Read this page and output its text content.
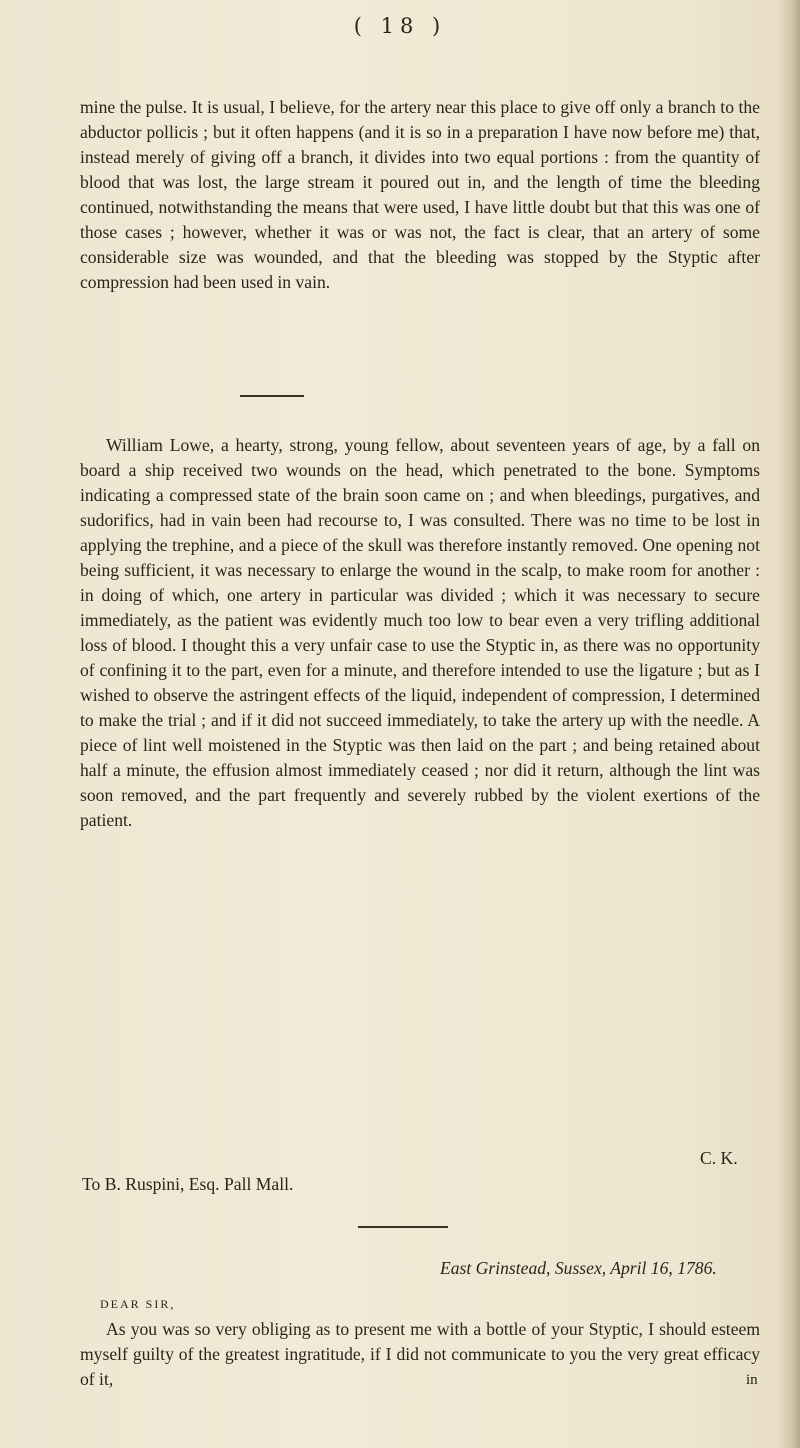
( 18 )

mine the pulse. It is usual, I believe, for the artery near this place to give off only a branch to the abductor pollicis ; but it often happens (and it is so in a preparation I have now before me) that, instead merely of giving off a branch, it divides into two equal portions : from the quantity of blood that was lost, the large stream it poured out in, and the length of time the bleeding continued, notwithstanding the means that were used, I have little doubt but that this was one of those cases ; however, whether it was or was not, the fact is clear, that an artery of some considerable size was wounded, and that the bleeding was stopped by the Styptic after compression had been used in vain.

William Lowe, a hearty, strong, young fellow, about seventeen years of age, by a fall on board a ship received two wounds on the head, which penetrated to the bone. Symptoms indicating a compressed state of the brain soon came on ; and when bleedings, purgatives, and sudorifics, had in vain been had recourse to, I was consulted. There was no time to be lost in applying the trephine, and a piece of the skull was therefore instantly removed. One opening not being sufficient, it was necessary to enlarge the wound in the scalp, to make room for another : in doing of which, one artery in particular was divided ; which it was necessary to secure immediately, as the patient was evidently much too low to bear even a very trifling additional loss of blood. I thought this a very unfair case to use the Styptic in, as there was no opportunity of confining it to the part, even for a minute, and therefore intended to use the ligature ; but as I wished to observe the astringent effects of the liquid, independent of compression, I determined to make the trial ; and if it did not succeed immediately, to take the artery up with the needle. A piece of lint well moistened in the Styptic was then laid on the part ; and being retained about half a minute, the effusion almost immediately ceased ; nor did it return, although the lint was soon removed, and the part frequently and severely rubbed by the violent exertions of the patient.

C. K.
To B. Ruspini, Esq. Pall Mall.
East Grinstead, Sussex, April 16, 1786.
DEAR SIR,

As you was so very obliging as to present me with a bottle of your Styptic, I should esteem myself guilty of the greatest ingratitude, if I did not communicate to you the very great efficacy of it,	in
